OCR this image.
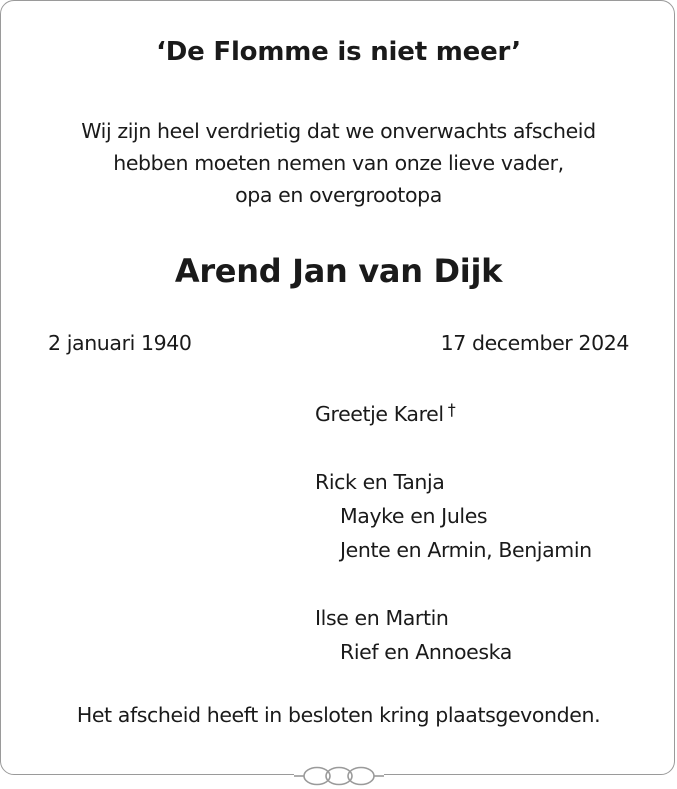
‘De Flomme is niet meer’
Wij zijn heel verdrietig dat we onverwachts afscheid
hebben moeten nemen van onze lieve vader,
opa en overgrootopa
Arend Jan van Dijk
2 januari 1940	17 december 2024
Greetje Karel †
Rick en Tanja
Mayke en Jules
Jente en Armin, Benjamin
Ilse en Martin
Rief en Annoeska
Het afscheid heeft in besloten kring plaatsgevonden.
